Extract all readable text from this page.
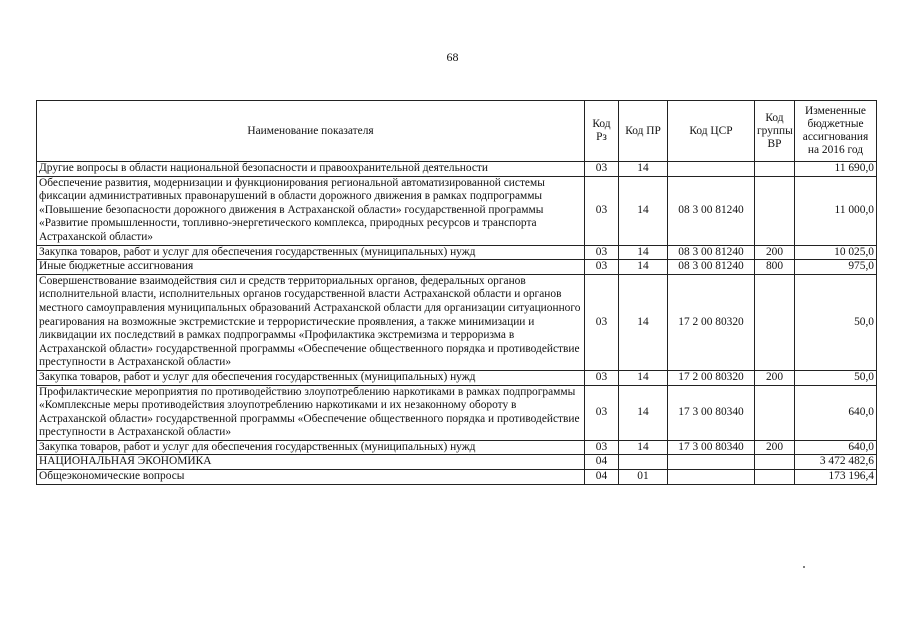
68
Наименование показателя	Код Рз	Код ПР	Код ЦСР	Код группы ВР	Измененные бюджетные ассигнования на 2016 год
Другие вопросы в области национальной безопасности и правоохранительной деятельности	03	14			11 690,0
Обеспечение развития, модернизации и функционирования региональной автоматизированной системы фиксации административных правонарушений в области дорожного движения в рамках подпрограммы «Повышение безопасности дорожного движения в Астраханской области» государственной программы «Развитие промышленности, топливно-энергетического комплекса, природных ресурсов и транспорта Астраханской области»	03	14	08 3 00 81240		11 000,0
Закупка товаров, работ и услуг для обеспечения государственных (муниципальных) нужд	03	14	08 3 00 81240	200	10 025,0
Иные бюджетные ассигнования	03	14	08 3 00 81240	800	975,0
Совершенствование взаимодействия сил и средств территориальных органов, федеральных органов исполнительной власти, исполнительных органов государственной власти Астраханской области и органов местного самоуправления муниципальных образований Астраханской области для организации ситуационного реагирования на возможные экстремистские и террористические проявления, а также минимизации и ликвидации их последствий в рамках подпрограммы «Профилактика экстремизма и терроризма в Астраханской области» государственной программы «Обеспечение общественного порядка и противодействие преступности в Астраханской области»	03	14	17 2 00 80320		50,0
Закупка товаров, работ и услуг для обеспечения государственных (муниципальных) нужд	03	14	17 2 00 80320	200	50,0
Профилактические мероприятия по противодействию злоупотреблению наркотиками в рамках подпрограммы «Комплексные меры противодействия злоупотреблению наркотиками и их незаконному обороту в Астраханской области» государственной программы «Обеспечение общественного порядка и противодействие преступности в Астраханской области»	03	14	17 3 00 80340		640,0
Закупка товаров, работ и услуг для обеспечения государственных (муниципальных) нужд	03	14	17 3 00 80340	200	640,0
НАЦИОНАЛЬНАЯ ЭКОНОМИКА	04				3 472 482,6
Общеэкономические вопросы	04	01			173 196,4
